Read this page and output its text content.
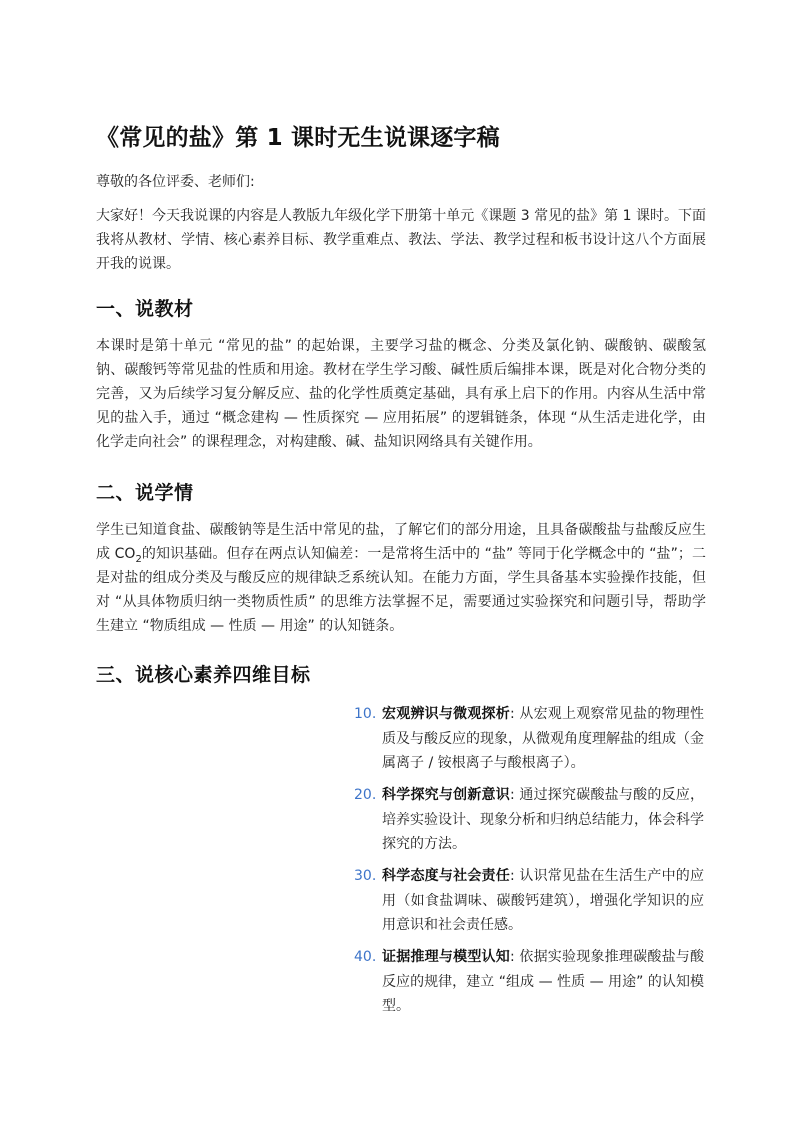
《常见的盐》第 1 课时无生说课逐字稿

尊敬的各位评委、老师们:

大家好！今天我说课的内容是人教版九年级化学下册第十单元《课题 3 常见的盐》第 1 课时。下面我将从教材、学情、核心素养目标、教学重难点、教法、学法、教学过程和板书设计这八个方面展开我的说课。

一、说教材

本课时是第十单元 “常见的盐” 的起始课，主要学习盐的概念、分类及氯化钠、碳酸钠、碳酸氢钠、碳酸钙等常见盐的性质和用途。教材在学生学习酸、碱性质后编排本课，既是对化合物分类的完善，又为后续学习复分解反应、盐的化学性质奠定基础，具有承上启下的作用。内容从生活中常见的盐入手，通过 “概念建构 — 性质探究 — 应用拓展” 的逻辑链条，体现 “从生活走进化学，由化学走向社会” 的课程理念，对构建酸、碱、盐知识网络具有关键作用。

二、说学情

学生已知道食盐、碳酸钠等是生活中常见的盐，了解它们的部分用途，且具备碳酸盐与盐酸反应生成 $CO_2$的知识基础。但存在两点认知偏差：一是常将生活中的 “盐” 等同于化学概念中的 “盐”；二是对盐的组成分类及与酸反应的规律缺乏系统认知。在能力方面，学生具备基本实验操作技能，但对 “从具体物质归纳一类物质性质” 的思维方法掌握不足，需要通过实验探究和问题引导，帮助学生建立 “物质组成 — 性质 — 用途” 的认知链条。

三、说核心素养四维目标
10. 宏观辨识与微观探析: 从宏观上观察常见盐的物理性质及与酸反应的现象，从微观角度理解盐的组成（金属离子 / 铵根离子与酸根离子）。
20. 科学探究与创新意识: 通过探究碳酸盐与酸的反应，培养实验设计、现象分析和归纳总结能力，体会科学探究的方法。
30. 科学态度与社会责任: 认识常见盐在生活生产中的应用（如食盐调味、碳酸钙建筑），增强化学知识的应用意识和社会责任感。
40. 证据推理与模型认知: 依据实验现象推理碳酸盐与酸反应的规律，建立 “组成 — 性质 — 用途” 的认知模型。
